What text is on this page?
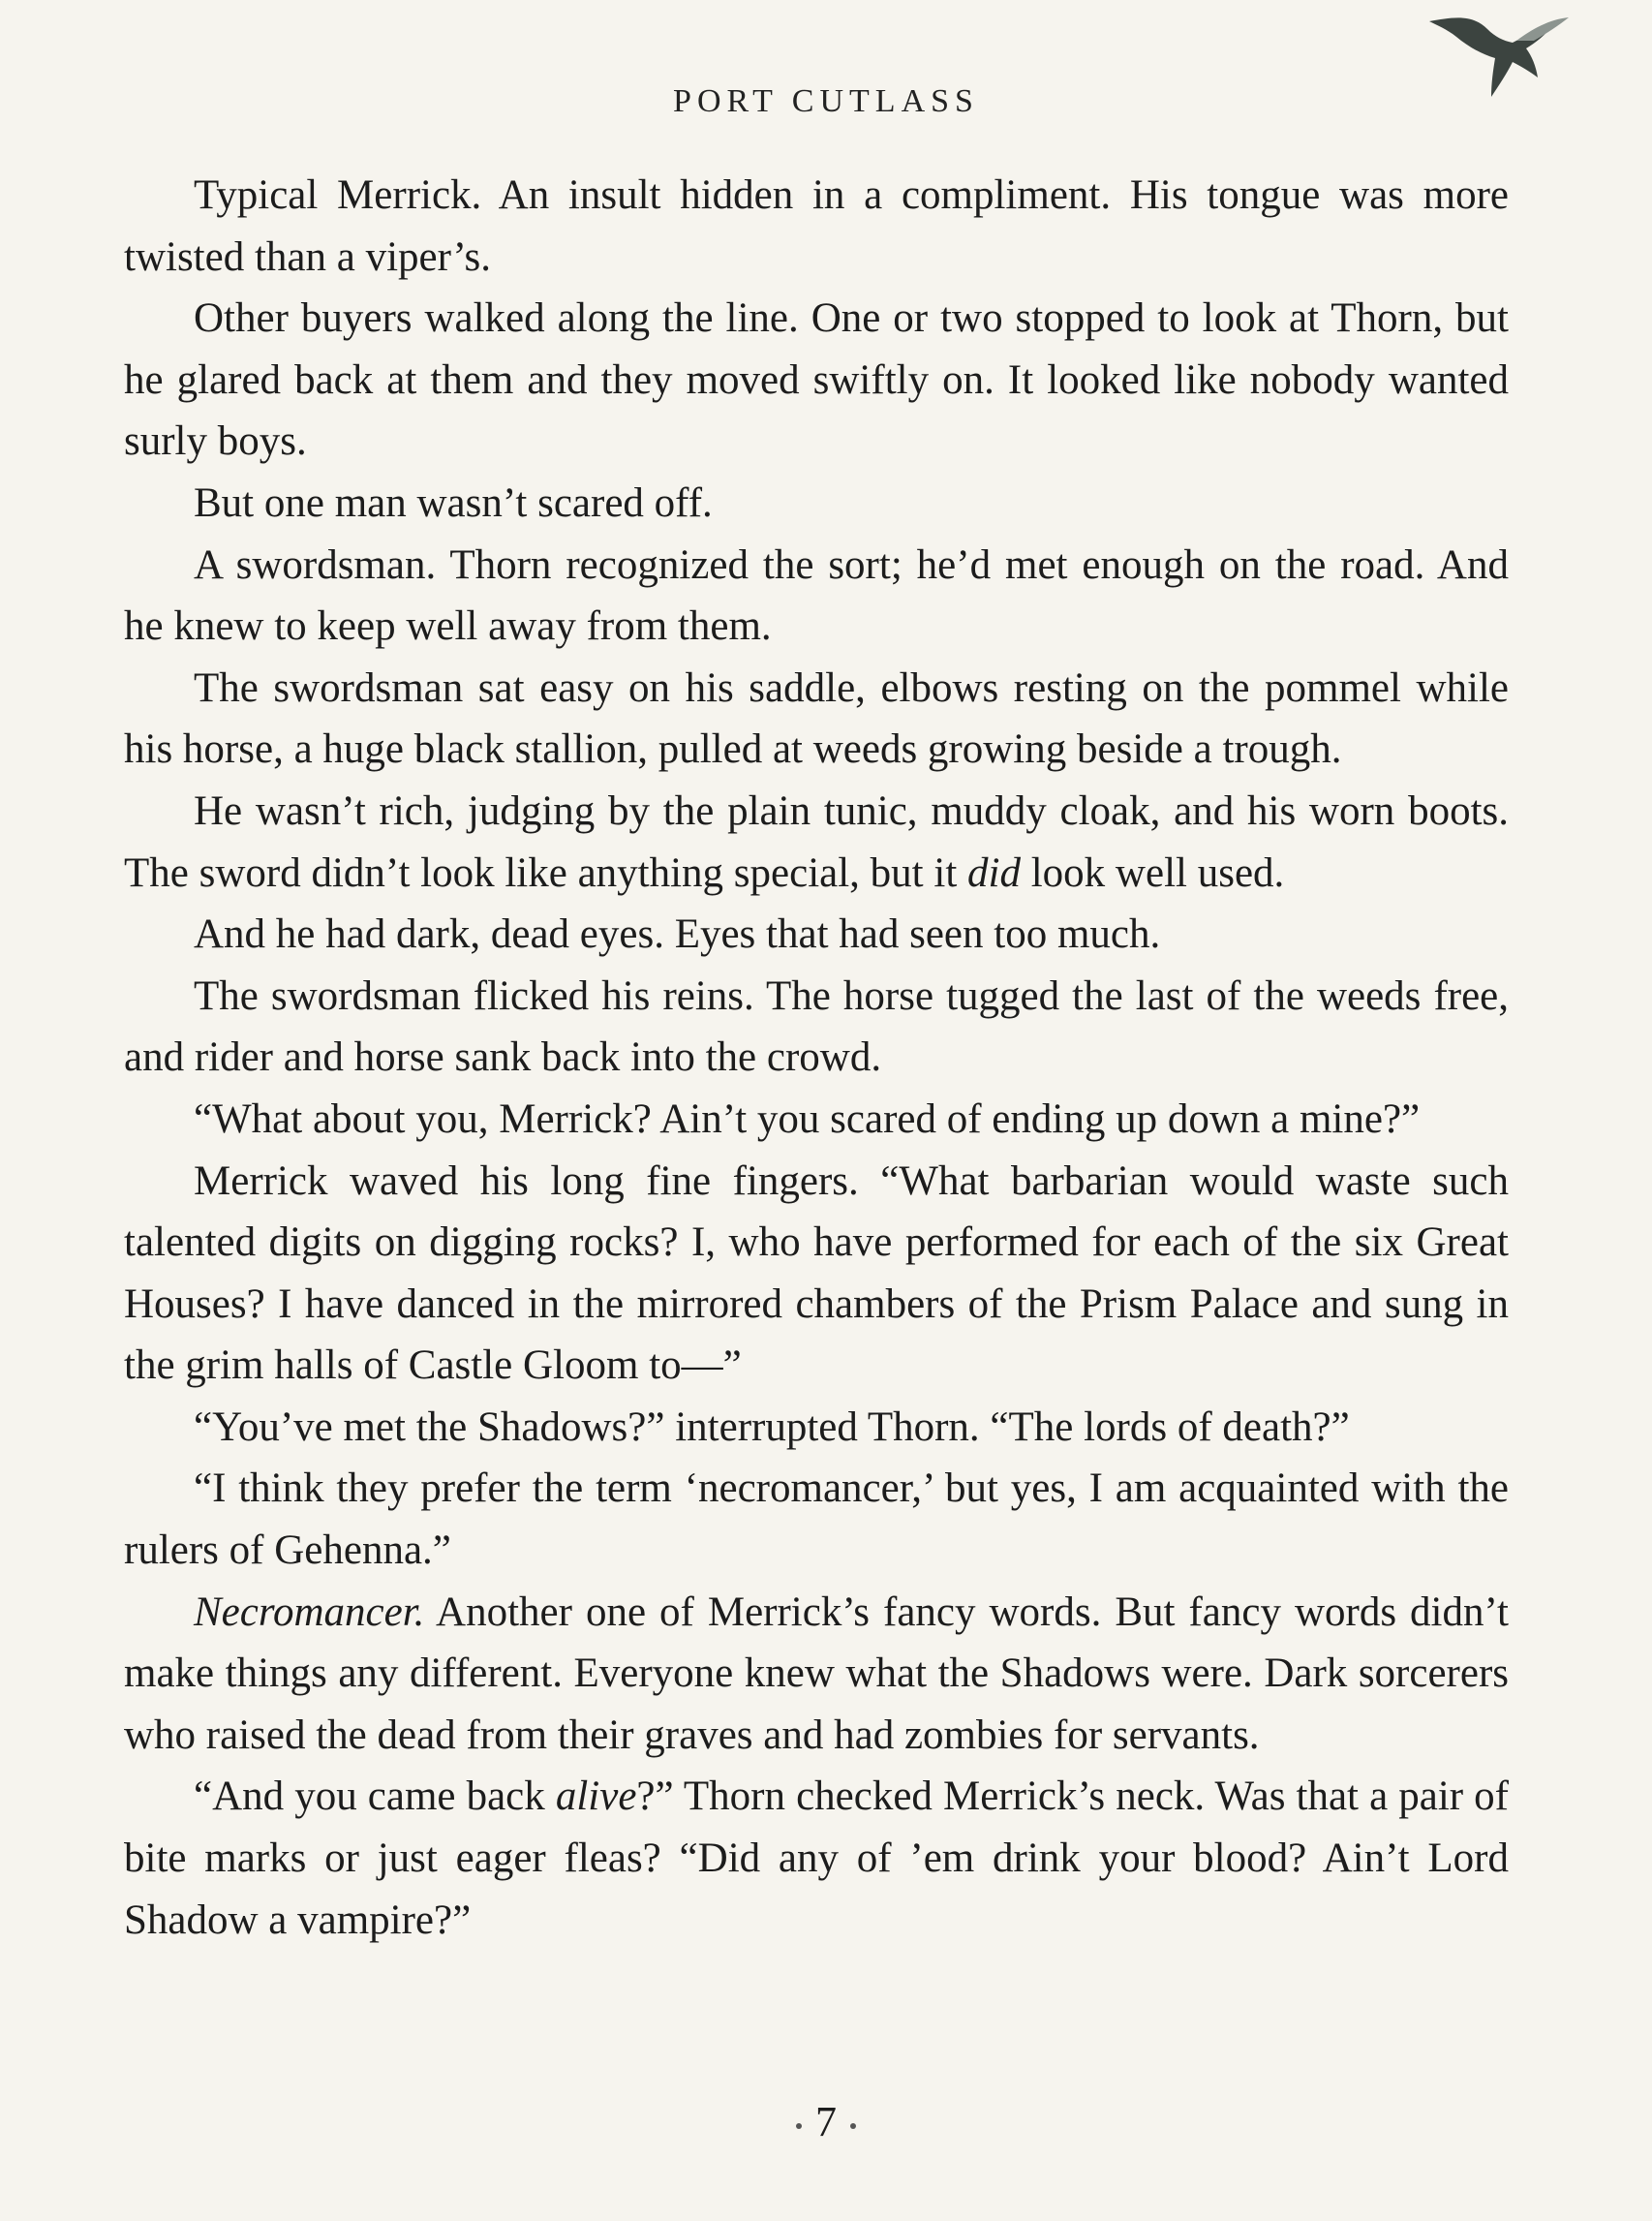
PORT CUTLASS

Typical Merrick. An insult hidden in a compliment. His tongue was more twisted than a viper’s.

Other buyers walked along the line. One or two stopped to look at Thorn, but he glared back at them and they moved swiftly on. It looked like nobody wanted surly boys.

But one man wasn’t scared off.

A swordsman. Thorn recognized the sort; he’d met enough on the road. And he knew to keep well away from them.

The swordsman sat easy on his saddle, elbows resting on the pommel while his horse, a huge black stallion, pulled at weeds growing beside a trough.

He wasn’t rich, judging by the plain tunic, muddy cloak, and his worn boots. The sword didn’t look like anything special, but it did look well used.

And he had dark, dead eyes. Eyes that had seen too much.

The swordsman flicked his reins. The horse tugged the last of the weeds free, and rider and horse sank back into the crowd.

“What about you, Merrick? Ain’t you scared of ending up down a mine?”

Merrick waved his long fine fingers. “What barbarian would waste such talented digits on digging rocks? I, who have performed for each of the six Great Houses? I have danced in the mirrored chambers of the Prism Palace and sung in the grim halls of Castle Gloom to—”

“You’ve met the Shadows?” interrupted Thorn. “The lords of death?”

“I think they prefer the term ‘necromancer,’ but yes, I am acquainted with the rulers of Gehenna.”

Necromancer. Another one of Merrick’s fancy words. But fancy words didn’t make things any different. Everyone knew what the Shadows were. Dark sorcerers who raised the dead from their graves and had zombies for servants.

“And you came back alive?” Thorn checked Merrick’s neck. Was that a pair of bite marks or just eager fleas? “Did any of ’em drink your blood? Ain’t Lord Shadow a vampire?”

7
